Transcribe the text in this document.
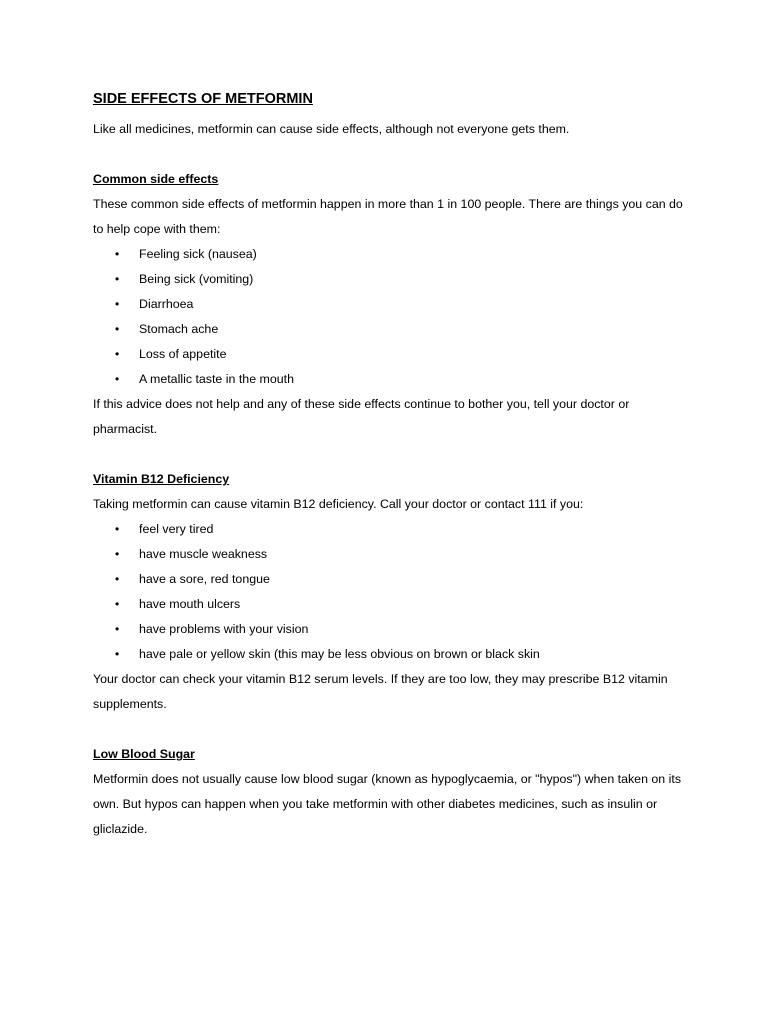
SIDE EFFECTS OF METFORMIN

Like all medicines, metformin can cause side effects, although not everyone gets them.

Common side effects

These common side effects of metformin happen in more than 1 in 100 people. There are things you can do to help cope with them:

• Feeling sick (nausea)
• Being sick (vomiting)
• Diarrhoea
• Stomach ache
• Loss of appetite
• A metallic taste in the mouth

If this advice does not help and any of these side effects continue to bother you, tell your doctor or pharmacist.

Vitamin B12 Deficiency

Taking metformin can cause vitamin B12 deficiency. Call your doctor or contact 111 if you:

• feel very tired
• have muscle weakness
• have a sore, red tongue
• have mouth ulcers
• have problems with your vision
• have pale or yellow skin (this may be less obvious on brown or black skin

Your doctor can check your vitamin B12 serum levels. If they are too low, they may prescribe B12 vitamin supplements.

Low Blood Sugar

Metformin does not usually cause low blood sugar (known as hypoglycaemia, or "hypos") when taken on its own. But hypos can happen when you take metformin with other diabetes medicines, such as insulin or gliclazide.
